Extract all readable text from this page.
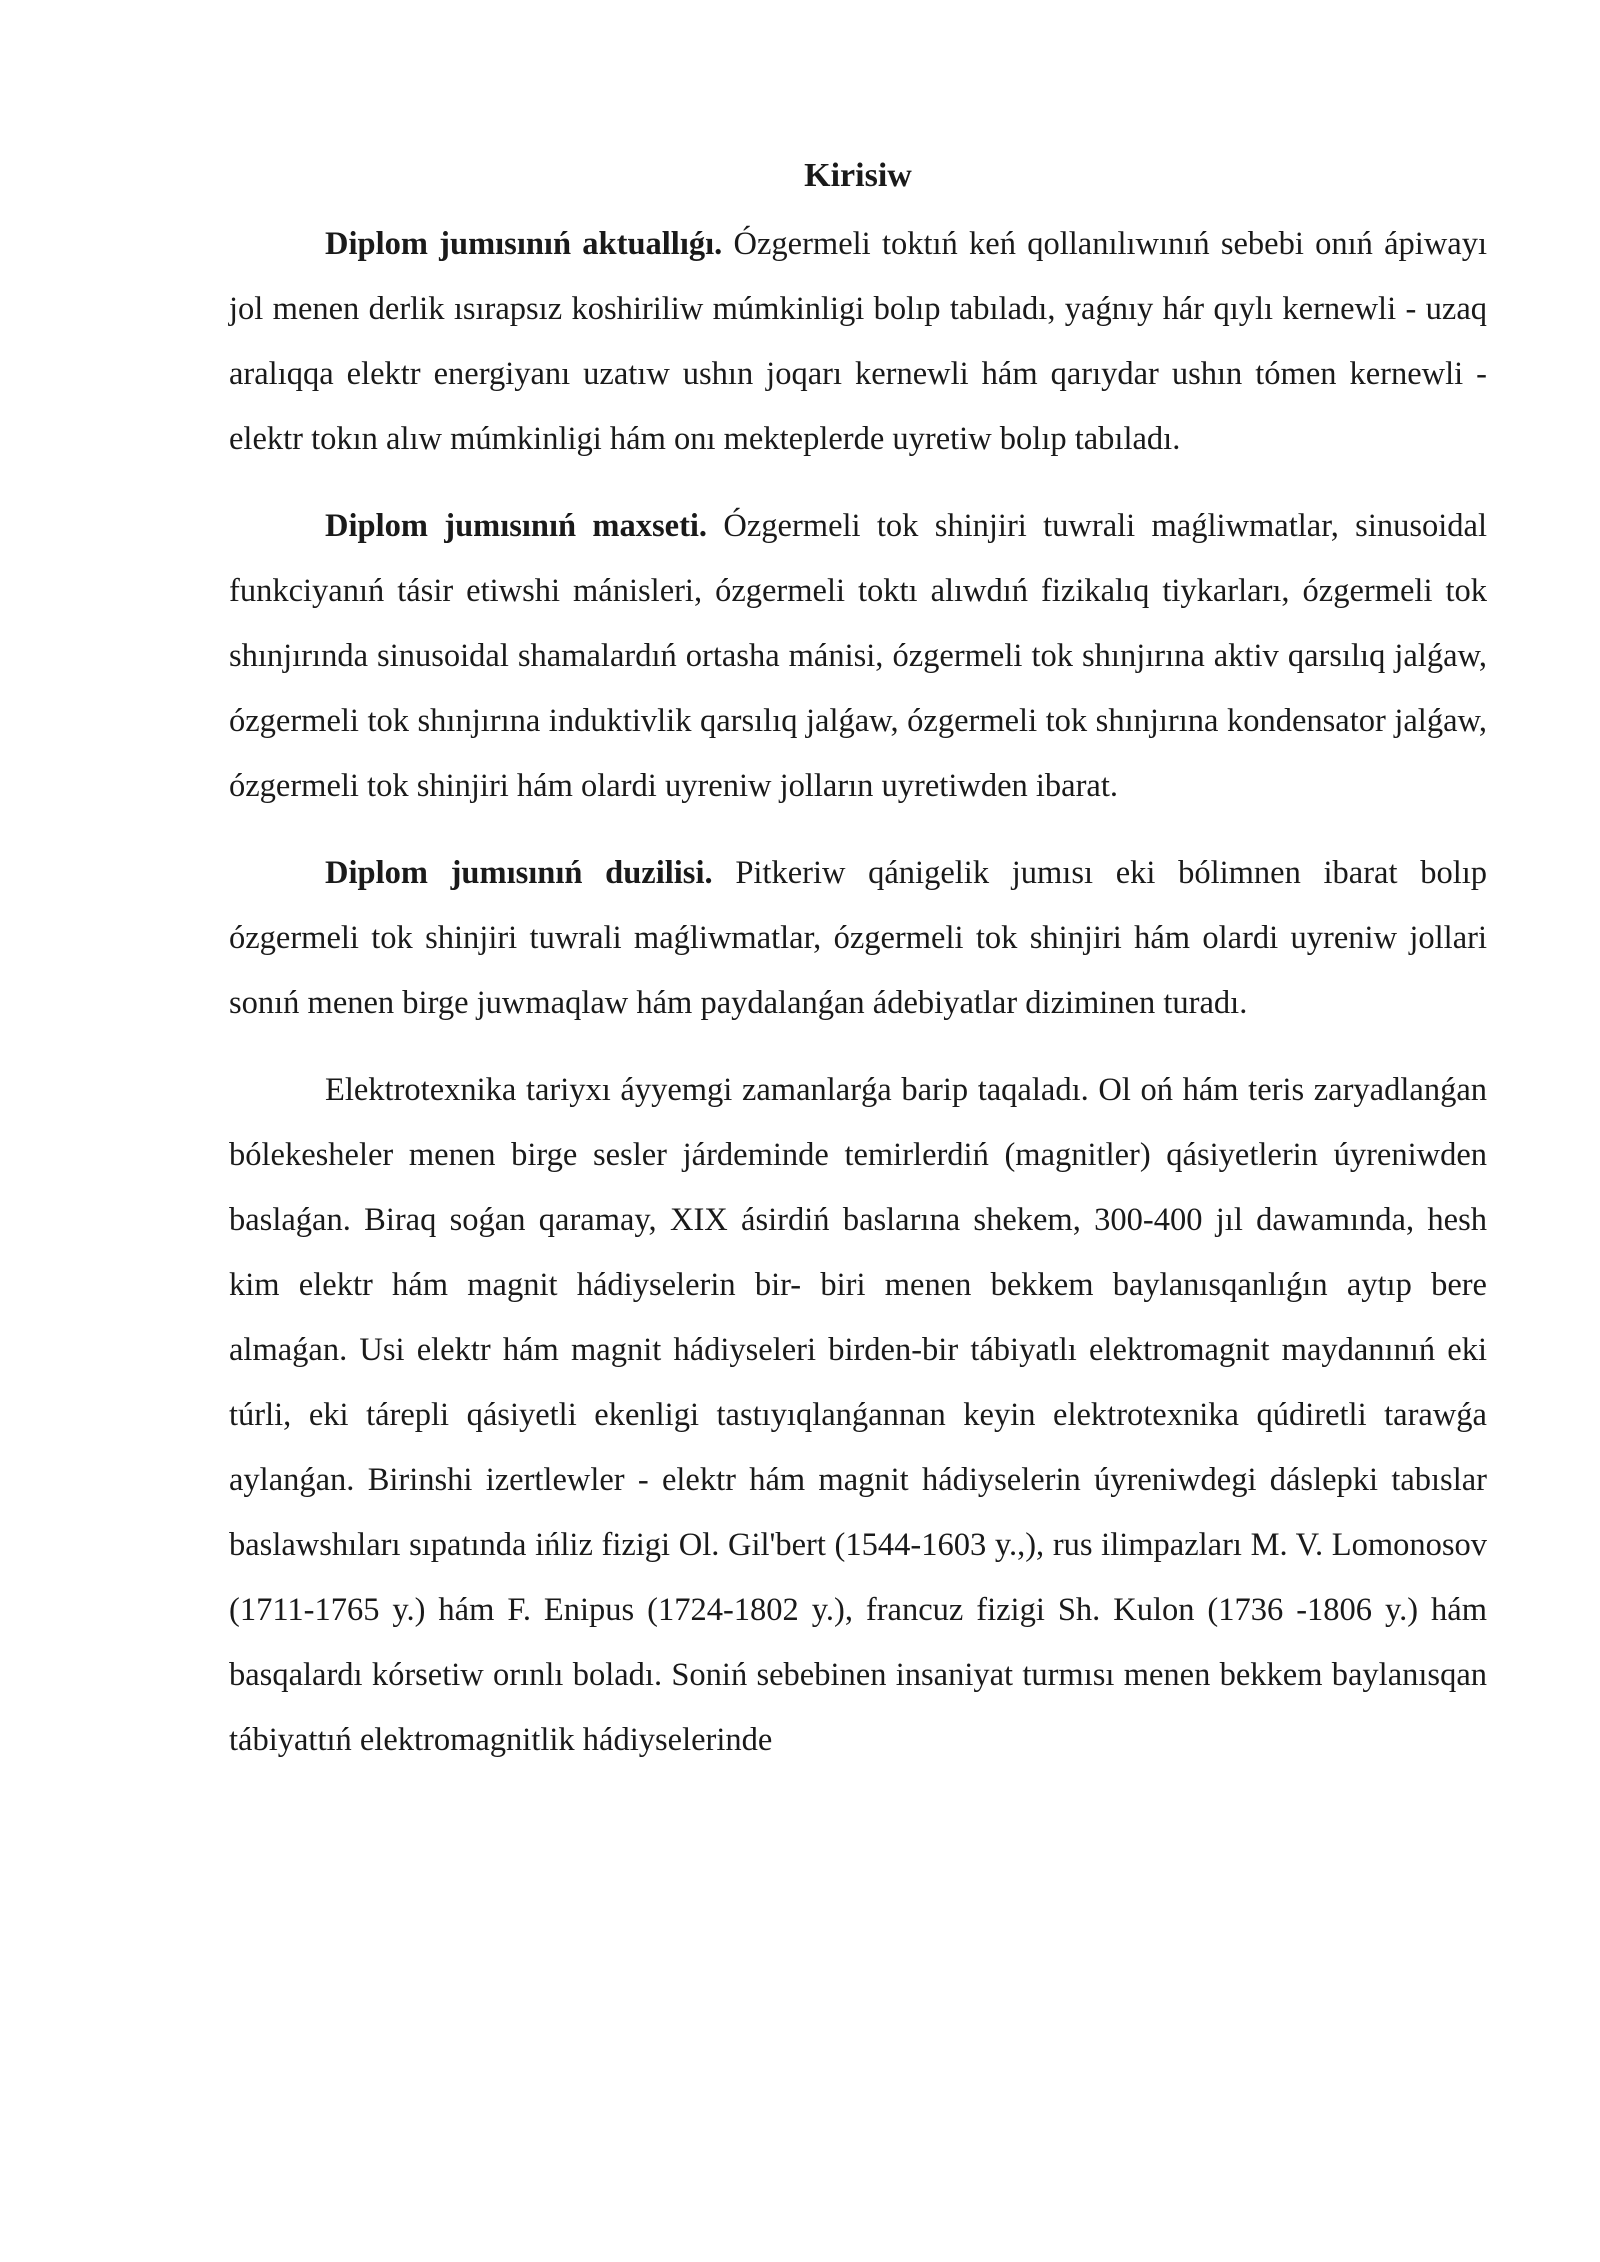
Kirisiw

Diplom jumısınıń aktuallıǵı. Ózgermeli toktıń keń qollanılıwınıń sebebi onıń ápiwayı jol menen derlik ısırapsız koshiriliw múmkinligi bolıp tabıladı, yaǵnıy hár qıylı kernewli - uzaq aralıqqa elektr energiyanı uzatıw ushın joqarı kernewli hám qarıydar ushın tómen kernewli - elektr tokın alıw múmkinligi hám onı mekteplerde uyretiw bolıp tabıladı.

Diplom jumısınıń maxseti. Ózgermeli tok shinjiri tuwrali maǵliwmatlar, sinusoidal funkciyanıń tásir etiwshi mánisleri, ózgermeli toktı alıwdıń fizikalıq tiykarları, ózgermeli tok shınjırında sinusoidal shamalardıń ortasha mánisi, ózgermeli tok shınjırına aktiv qarsılıq jalǵaw, ózgermeli tok shınjırına induktivlik qarsılıq jalǵaw, ózgermeli tok shınjırına kondensator jalǵaw, ózgermeli tok shinjiri hám olardi uyreniw jolların uyretiwden ibarat.

Diplom jumısınıń duzilisi. Pitkeriw qánigelik jumısı eki bólimnen ibarat bolıp ózgermeli tok shinjiri tuwrali maǵliwmatlar, ózgermeli tok shinjiri hám olardi uyreniw jollari sonıń menen birge juwmaqlaw hám paydalanǵan ádebiyatlar diziminen turadı.

Elektrotexnika tariyxı áyyemgi zamanlarǵa barip taqaladı. Ol oń hám teris zaryadlanǵan bólekesheler menen birge sesler járdeminde temirlerdiń (magnitler) qásiyetlerin úyreniwden baslaǵan. Biraq soǵan qaramay, XIX ásirdiń baslarına shekem, 300-400 jıl dawamında, hesh kim elektr hám magnit hádiyselerin bir- biri menen bekkem baylanısqanlıǵın aytıp bere almaǵan. Usi elektr hám magnit hádiyseleri birden-bir tábiyatlı elektromagnit maydanınıń eki túrli, eki tárepli qásiyetli ekenligi tastıyıqlanǵannan keyin elektrotexnika qúdiretli tarawǵa aylanǵan. Birinshi izertlewler - elektr hám magnit hádiyselerin úyreniwdegi dáslepki tabıslar baslawshıları sıpatında ińliz fizigi Ol. Gil'bert (1544-1603 y.,), rus ilimpazları M. V. Lomonosov (1711-1765 y.) hám F. Enipus (1724-1802 y.), francuz fizigi Sh. Kulon (1736 -1806 y.) hám basqalardı kórsetiw orınlı boladı. Soniń sebebinen insaniyat turmısı menen bekkem baylanısqan tábiyattıń elektromagnitlik hádiyselerinde
